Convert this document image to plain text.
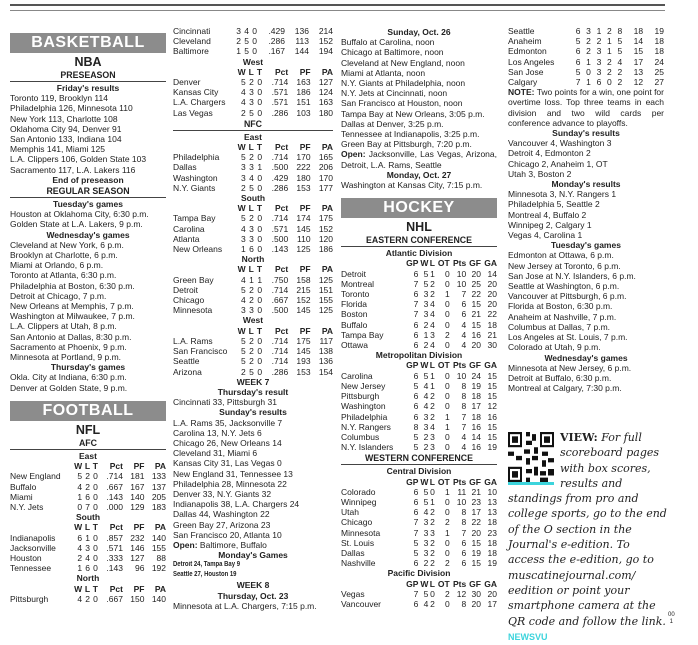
BASKETBALL
NBA
PRESEASON
Friday's results
Toronto 119, Brooklyn 114
Philadelphia 126, Minnesota 110
New York 113, Charlotte 108
Oklahoma City 94, Denver 91
San Antonio 133, Indiana 104
Memphis 141, Miami 125
L.A. Clippers 106, Golden State 103
Sacramento 117, L.A. Lakers 116
End of preseason
REGULAR SEASON
Tuesday's games
Houston at Oklahoma City, 6:30 p.m.
Golden State at L.A. Lakers, 9 p.m.
Wednesday's games
Cleveland at New York, 6 p.m.
Brooklyn at Charlotte, 6 p.m.
Miami at Orlando, 6 p.m.
Toronto at Atlanta, 6:30 p.m.
Philadelphia at Boston, 6:30 p.m.
Detroit at Chicago, 7 p.m.
New Orleans at Memphis, 7 p.m.
Washington at Milwaukee, 7 p.m.
L.A. Clippers at Utah, 8 p.m.
San Antonio at Dallas, 8:30 p.m.
Sacramento at Phoenix, 9 p.m.
Minnesota at Portland, 9 p.m.
Thursday's games
Okla. City at Indiana, 6:30 p.m.
Denver at Golden State, 9 p.m.
FOOTBALL
NFL
AFC
East
	W	L	T	Pct	PF	PA
New England	5	2	0	.714	181	133
Buffalo	4	2	0	.667	167	137
Miami	1	6	0	.143	140	205
N.Y. Jets	0	7	0	.000	129	183
South
	W	L	T	Pct	PF	PA
Indianapolis	6	1	0	.857	232	140
Jacksonville	4	3	0	.571	146	155
Houston	2	4	0	.333	127	88
Tennessee	1	6	0	.143	96	192
North
	W	L	T	Pct	PF	PA
Pittsburgh	4	2	0	.667	150	140
Cincinnati	3	4	0	.429	136	214
Cleveland	2	5	0	.286	113	152
Baltimore	1	5	0	.167	144	194
West
	W	L	T	Pct	PF	PA
Denver	5	2	0	.714	163	127
Kansas City	4	3	0	.571	186	124
L.A. Chargers	4	3	0	.571	151	163
Las Vegas	2	5	0	.286	103	180
NFC
East
	W	L	T	Pct	PF	PA
Philadelphia	5	2	0	.714	170	165
Dallas	3	3	1	.500	222	206
Washington	3	4	0	.429	180	170
N.Y. Giants	2	5	0	.286	153	177
South
	W	L	T	Pct	PF	PA
Tampa Bay	5	2	0	.714	174	175
Carolina	4	3	0	.571	145	152
Atlanta	3	3	0	.500	110	120
New Orleans	1	6	0	.143	125	186
North
	W	L	T	Pct	PF	PA
Green Bay	4	1	1	.750	158	125
Detroit	5	2	0	.714	215	151
Chicago	4	2	0	.667	152	155
Minnesota	3	3	0	.500	145	125
West
	W	L	T	Pct	PF	PA
L.A. Rams	5	2	0	.714	175	117
San Francisco	5	2	0	.714	145	138
Seattle	5	2	0	.714	193	136
Arizona	2	5	0	.286	153	154
WEEK 7
Thursday's result
Cincinnati 33, Pittsburgh 31
Sunday's results
L.A. Rams 35, Jacksonville 7
Carolina 13, N.Y. Jets 6
Chicago 26, New Orleans 14
Cleveland 31, Miami 6
Kansas City 31, Las Vegas 0
New England 31, Tennessee 13
Philadelphia 28, Minnesota 22
Denver 33, N.Y. Giants 32
Indianapolis 38, L.A. Chargers 24
Dallas 44, Washington 22
Green Bay 27, Arizona 23
San Francisco 20, Atlanta 10
Open: Baltimore, Buffalo
Monday's Games
Detroit 24, Tampa Bay 9
Seattle 27, Houston 19
WEEK 8
Thursday, Oct. 23
Minnesota at L.A. Chargers, 7:15 p.m.
Sunday, Oct. 26
Buffalo at Carolina, noon
Chicago at Baltimore, noon
Cleveland at New England, noon
Miami at Atlanta, noon
N.Y. Giants at Philadelphia, noon
N.Y. Jets at Cincinnati, noon
San Francisco at Houston, noon
Tampa Bay at New Orleans, 3:05 p.m.
Dallas at Denver, 3:25 p.m.
Tennessee at Indianapolis, 3:25 p.m.
Green Bay at Pittsburgh, 7:20 p.m.
Open: Jacksonville, Las Vegas, Arizona, Detroit, L.A. Rams, Seattle
Monday, Oct. 27
Washington at Kansas City, 7:15 p.m.
HOCKEY
NHL
EASTERN CONFERENCE
Atlantic Division
	GP	W	L	OT	Pts	GF	GA
Detroit	6	5	1	0	10	20	14
Montreal	7	5	2	0	10	25	20
Toronto	6	3	2	1	7	22	20
Florida	7	3	4	0	6	15	20
Boston	7	3	4	0	6	21	22
Buffalo	6	2	4	0	4	15	18
Tampa Bay	6	1	3	2	4	16	21
Ottawa	6	2	4	0	4	20	30
Metropolitan Division
	GP	W	L	OT	Pts	GF	GA
Carolina	6	5	1	0	10	24	15
New Jersey	5	4	1	0	8	19	15
Pittsburgh	6	4	2	0	8	18	15
Washington	6	4	2	0	8	17	12
Philadelphia	6	3	2	1	7	18	16
N.Y. Rangers	8	3	4	1	7	16	15
Columbus	5	2	3	0	4	14	15
N.Y. Islanders	5	2	3	0	4	16	19
WESTERN CONFERENCE
Central Division
	GP	W	L	OT	Pts	GF	GA
Colorado	6	5	0	1	11	21	10
Winnipeg	6	5	1	0	10	23	13
Utah	6	4	2	0	8	17	13
Chicago	7	3	2	2	8	22	18
Minnesota	7	3	3	1	7	20	23
St. Louis	5	3	2	0	6	15	18
Dallas	5	3	2	0	6	19	18
Nashville	6	2	2	2	6	15	19
Pacific Division
	GP	W	L	OT	Pts	GF	GA
Vegas	7	5	0	2	12	30	20
Vancouver	6	4	2	0	8	20	17
Seattle	6	3	1	2	8	18	19
Anaheim	5	2	2	1	5	14	18
Edmonton	6	2	3	1	5	15	18
Los Angeles	6	1	3	2	4	17	24
San Jose	5	0	3	2	2	13	25
Calgary	7	1	6	0	2	12	27
NOTE: Two points for a win, one point for overtime loss. Top three teams in each division and two wild cards per conference advance to playoffs.
Sunday's results
Vancouver 4, Washington 3
Detroit 4, Edmonton 2
Chicago 2, Anaheim 1, OT
Utah 3, Boston 2
Monday's results
Minnesota 3, N.Y. Rangers 1
Philadelphia 5, Seattle 2
Montreal 4, Buffalo 2
Winnipeg 2, Calgary 1
Vegas 4, Carolina 1
Tuesday's games
Edmonton at Ottawa, 6 p.m.
New Jersey at Toronto, 6 p.m.
San Jose at N.Y. Islanders, 6 p.m.
Seattle at Washington, 6 p.m.
Vancouver at Pittsburgh, 6 p.m.
Florida at Boston, 6:30 p.m.
Anaheim at Nashville, 7 p.m.
Columbus at Dallas, 7 p.m.
Los Angeles at St. Louis, 7 p.m.
Colorado at Utah, 9 p.m.
Wednesday's games
Minnesota at New Jersey, 6 p.m.
Detroit at Buffalo, 6:30 p.m.
Montreal at Calgary, 7:30 p.m.
VIEW: For full scoreboard pages with box scores, results and standings from pro and college sports, go to the end of the O section in the Journal's e-edition. To access the e-edition, go to muscatinejournal.com/ eedition or point your smartphone camera at the QR code and follow the link.
NEWSVU
00
1
